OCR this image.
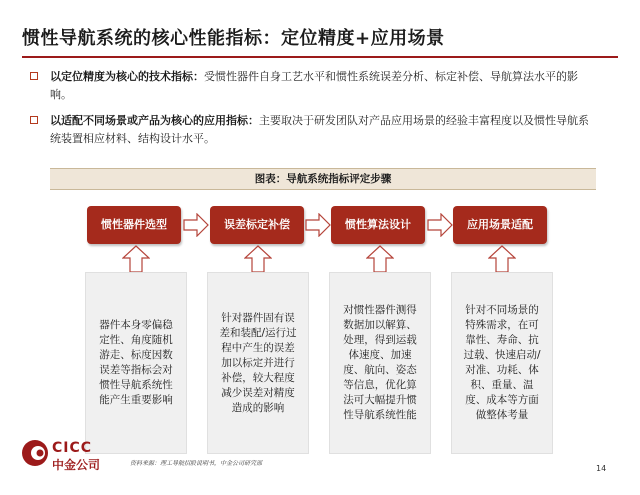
惯性导航系统的核心性能指标：定位精度+应用场景
以定位精度为核心的技术指标：受惯性器件自身工艺水平和惯性系统误差分析、标定补偿、导航算法水平的影响。
以适配不同场景或产品为核心的应用指标：主要取决于研发团队对产品应用场景的经验丰富程度以及惯性导航系统装置相应材料、结构设计水平。
图表：导航系统指标评定步骤
惯性器件选型	误差标定补偿	惯性算法设计	应用场景适配
器件本身零偏稳定性、角度随机游走、标度因数误差等指标会对惯性导航系统性能产生重要影响
针对器件固有误差和装配/运行过程中产生的误差加以标定并进行补偿，较大程度减少误差对精度造成的影响
对惯性器件测得数据加以解算、处理，得到运载体速度、加速度、航向、姿态等信息，优化算法可大幅提升惯性导航系统性能
针对不同场景的特殊需求，在可靠性、寿命、抗过载、快速启动/对准、功耗、体积、重量、温度、成本等方面做整体考量
CICC
中金公司	资料来源：理工导航招股说明书，中金公司研究部
14
